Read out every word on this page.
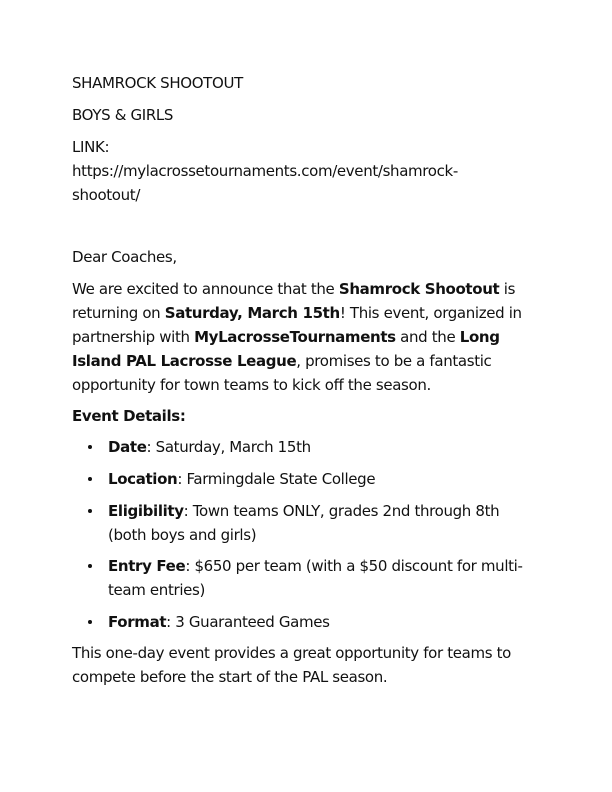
SHAMROCK SHOOTOUT
BOYS & GIRLS
LINK:
https://mylacrossetournaments.com/event/shamrock-
shootout/
Dear Coaches,
We are excited to announce that the Shamrock Shootout is
returning on Saturday, March 15th! This event, organized in
partnership with MyLacrosseTournaments and the Long
Island PAL Lacrosse League, promises to be a fantastic
opportunity for town teams to kick off the season.
Event Details:
Date: Saturday, March 15th
Location: Farmingdale State College
Eligibility: Town teams ONLY, grades 2nd through 8th
(both boys and girls)
Entry Fee: $650 per team (with a $50 discount for multi-
team entries)
Format: 3 Guaranteed Games
This one-day event provides a great opportunity for teams to
compete before the start of the PAL season.
